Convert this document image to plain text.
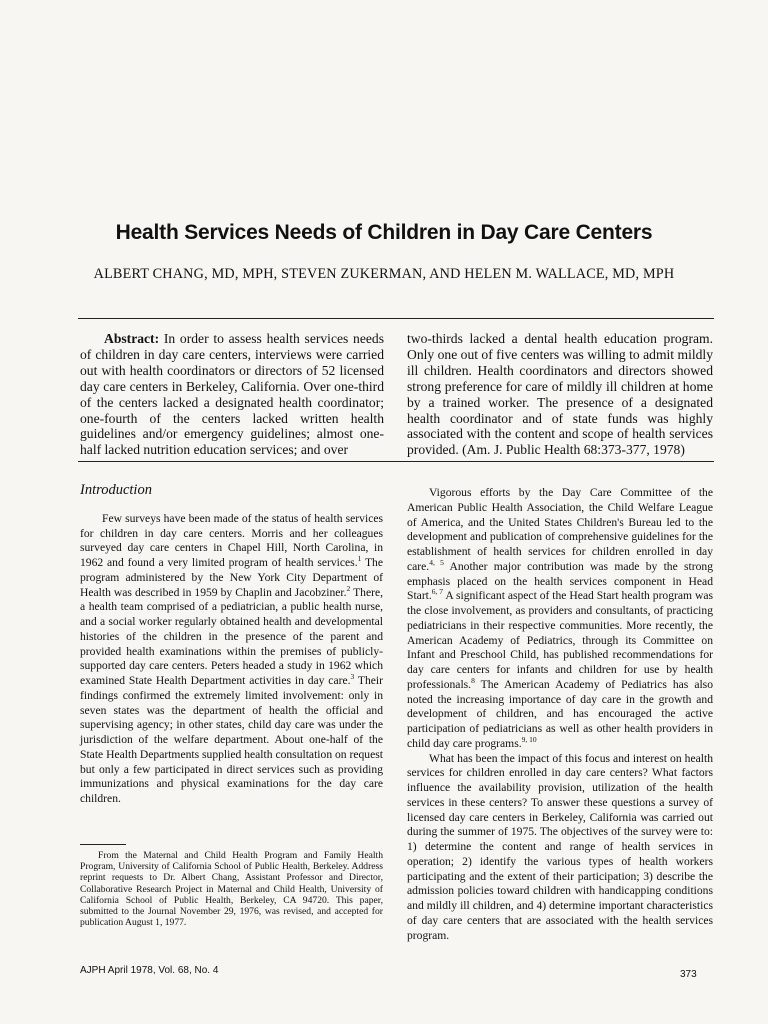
Health Services Needs of Children in Day Care Centers

ALBERT CHANG, MD, MPH, STEVEN ZUKERMAN, AND HELEN M. WALLACE, MD, MPH

Abstract: In order to assess health services needs of children in day care centers, interviews were carried out with health coordinators or directors of 52 licensed day care centers in Berkeley, California. Over one-third of the centers lacked a designated health coordinator; one-fourth of the centers lacked written health guidelines and/or emergency guidelines; almost one-half lacked nutrition education services; and over

two-thirds lacked a dental health education program. Only one out of five centers was willing to admit mildly ill children. Health coordinators and directors showed strong preference for care of mildly ill children at home by a trained worker. The presence of a designated health coordinator and of state funds was highly associated with the content and scope of health services provided. (Am. J. Public Health 68:373-377, 1978)

Introduction

Few surveys have been made of the status of health services for children in day care centers. Morris and her colleagues surveyed day care centers in Chapel Hill, North Carolina, in 1962 and found a very limited program of health services.$^1$ The program administered by the New York City Department of Health was described in 1959 by Chaplin and Jacobziner.$^2$ There, a health team comprised of a pediatrician, a public health nurse, and a social worker regularly obtained health and developmental histories of the children in the presence of the parent and provided health examinations within the premises of publicly-supported day care centers. Peters headed a study in 1962 which examined State Health Department activities in day care.$^3$ Their findings confirmed the extremely limited involvement: only in seven states was the department of health the official and supervising agency; in other states, child day care was under the jurisdiction of the welfare department. About one-half of the State Health Departments supplied health consultation on request but only a few participated in direct services such as providing immunizations and physical examinations for the day care children.

From the Maternal and Child Health Program and Family Health Program, University of California School of Public Health, Berkeley. Address reprint requests to Dr. Albert Chang, Assistant Professor and Director, Collaborative Research Project in Maternal and Child Health, University of California School of Public Health, Berkeley, CA 94720. This paper, submitted to the Journal November 29, 1976, was revised, and accepted for publication August 1, 1977.

Vigorous efforts by the Day Care Committee of the American Public Health Association, the Child Welfare League of America, and the United States Children's Bureau led to the development and publication of comprehensive guidelines for the establishment of health services for children enrolled in day care.$^{4, 5}$ Another major contribution was made by the strong emphasis placed on the health services component in Head Start.$^{6, 7}$ A significant aspect of the Head Start health program was the close involvement, as providers and consultants, of practicing pediatricians in their respective communities. More recently, the American Academy of Pediatrics, through its Committee on Infant and Preschool Child, has published recommendations for day care centers for infants and children for use by health professionals.$^8$ The American Academy of Pediatrics has also noted the increasing importance of day care in the growth and development of children, and has encouraged the active participation of pediatricians as well as other health providers in child day care programs.$^{9, 10}$

What has been the impact of this focus and interest on health services for children enrolled in day care centers? What factors influence the availability provision, utilization of the health services in these centers? To answer these questions a survey of licensed day care centers in Berkeley, California was carried out during the summer of 1975. The objectives of the survey were to: 1) determine the content and range of health services in operation; 2) identify the various types of health workers participating and the extent of their participation; 3) describe the admission policies toward children with handicapping conditions and mildly ill children, and 4) determine important characteristics of day care centers that are associated with the health services program.

AJPH April 1978, Vol. 68, No. 4	373
